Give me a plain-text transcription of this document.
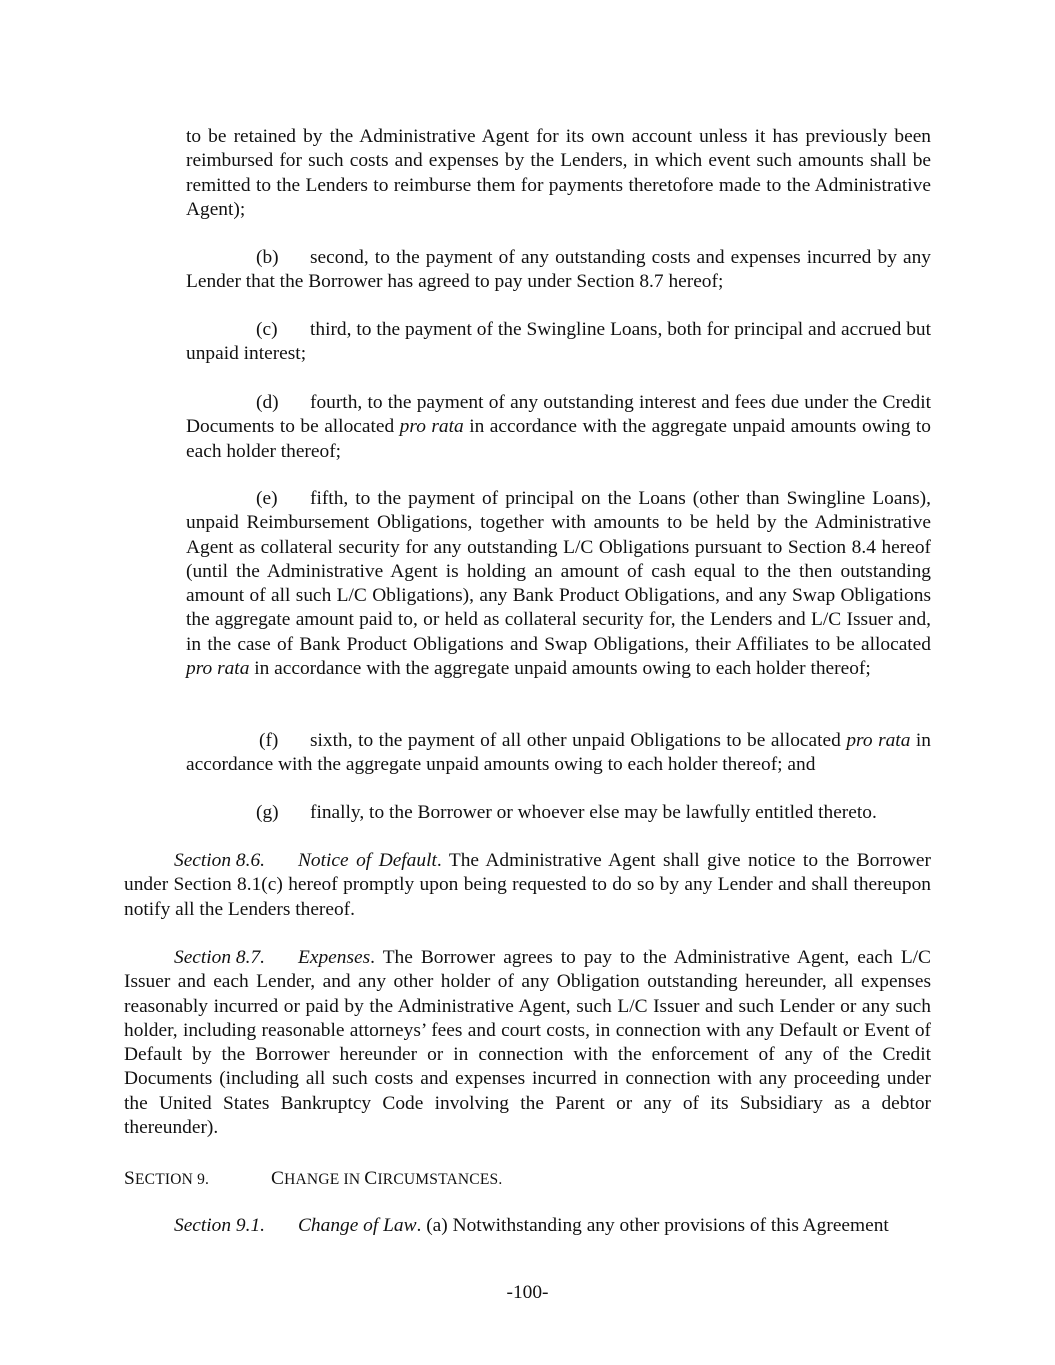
to be retained by the Administrative Agent for its own account unless it has previously been reimbursed for such costs and expenses by the Lenders, in which event such amounts shall be remitted to the Lenders to reimburse them for payments theretofore made to the Administrative Agent);

(b) second, to the payment of any outstanding costs and expenses incurred by any Lender that the Borrower has agreed to pay under Section 8.7 hereof;

(c) third, to the payment of the Swingline Loans, both for principal and accrued but unpaid interest;

(d) fourth, to the payment of any outstanding interest and fees due under the Credit Documents to be allocated pro rata in accordance with the aggregate unpaid amounts owing to each holder thereof;

(e) fifth, to the payment of principal on the Loans (other than Swingline Loans), unpaid Reimbursement Obligations, together with amounts to be held by the Administrative Agent as collateral security for any outstanding L/C Obligations pursuant to Section 8.4 hereof (until the Administrative Agent is holding an amount of cash equal to the then outstanding amount of all such L/C Obligations), any Bank Product Obligations, and any Swap Obligations the aggregate amount paid to, or held as collateral security for, the Lenders and L/C Issuer and, in the case of Bank Product Obligations and Swap Obligations, their Affiliates to be allocated pro rata in accordance with the aggregate unpaid amounts owing to each holder thereof;

(f) sixth, to the payment of all other unpaid Obligations to be allocated pro rata in accordance with the aggregate unpaid amounts owing to each holder thereof; and

(g) finally, to the Borrower or whoever else may be lawfully entitled thereto.

Section 8.6. Notice of Default. The Administrative Agent shall give notice to the Borrower under Section 8.1(c) hereof promptly upon being requested to do so by any Lender and shall thereupon notify all the Lenders thereof.

Section 8.7. Expenses. The Borrower agrees to pay to the Administrative Agent, each L/C Issuer and each Lender, and any other holder of any Obligation outstanding hereunder, all expenses reasonably incurred or paid by the Administrative Agent, such L/C Issuer and such Lender or any such holder, including reasonable attorneys’ fees and court costs, in connection with any Default or Event of Default by the Borrower hereunder or in connection with the enforcement of any of the Credit Documents (including all such costs and expenses incurred in connection with any proceeding under the United States Bankruptcy Code involving the Parent or any of its Subsidiary as a debtor thereunder).

SECTION 9.	CHANGE IN CIRCUMSTANCES.

Section 9.1. Change of Law. (a) Notwithstanding any other provisions of this Agreement

-100-
